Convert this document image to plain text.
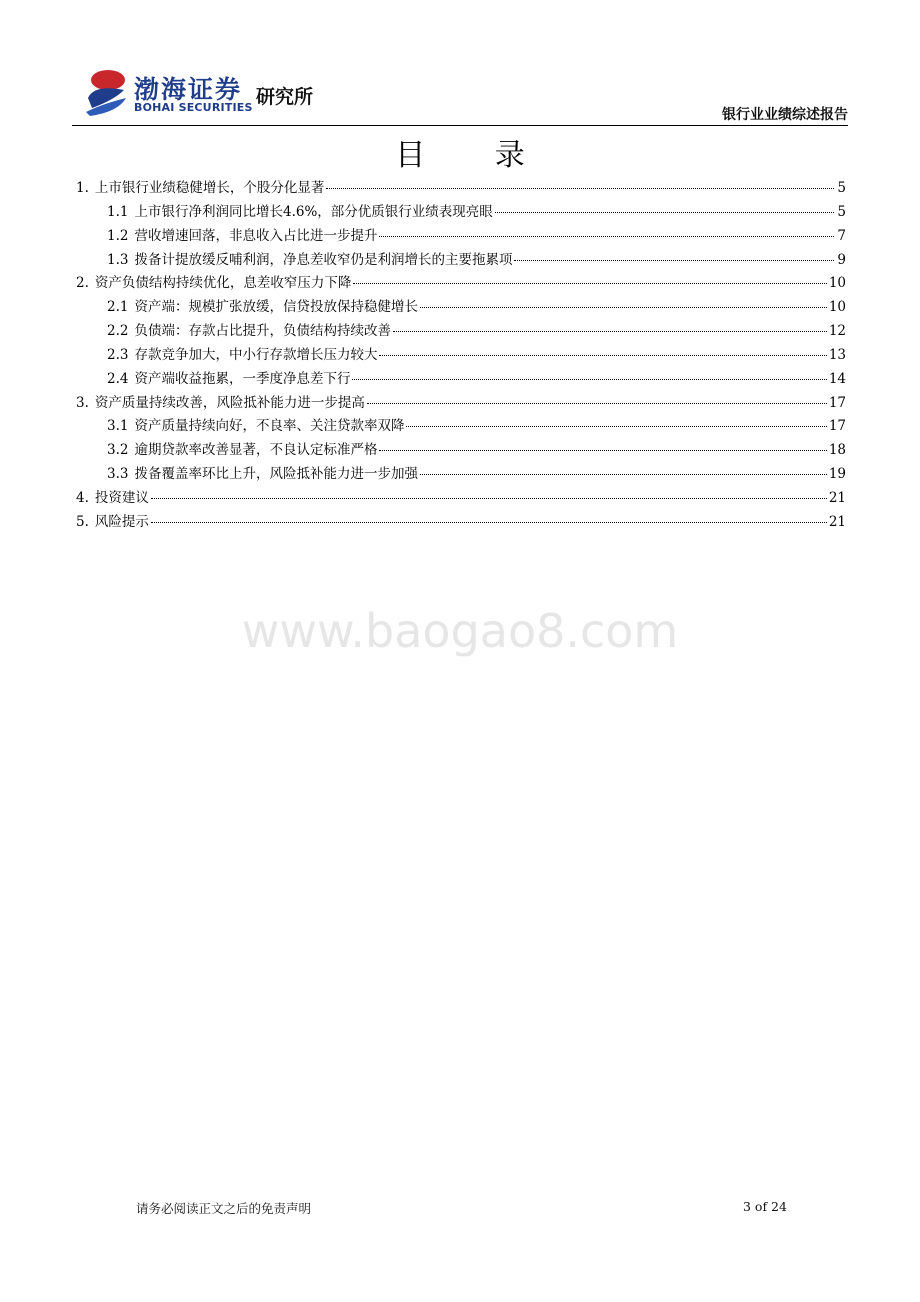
渤海证券
BOHAI SECURITIES 研究所
银行业业绩综述报告
目 录
1. 上市银行业绩稳健增长，个股分化显著	5
1.1 上市银行净利润同比增长4.6%，部分优质银行业绩表现亮眼	5
1.2 营收增速回落，非息收入占比进一步提升	7
1.3 拨备计提放缓反哺利润，净息差收窄仍是利润增长的主要拖累项	9
2. 资产负债结构持续优化，息差收窄压力下降	10
2.1 资产端：规模扩张放缓，信贷投放保持稳健增长	10
2.2 负债端：存款占比提升，负债结构持续改善	12
2.3 存款竞争加大，中小行存款增长压力较大	13
2.4 资产端收益拖累，一季度净息差下行	14
3. 资产质量持续改善，风险抵补能力进一步提高	17
3.1 资产质量持续向好，不良率、关注贷款率双降	17
3.2 逾期贷款率改善显著，不良认定标准严格	18
3.3 拨备覆盖率环比上升，风险抵补能力进一步加强	19
4. 投资建议	21
5. 风险提示	21
www.baogao8.com
请务必阅读正文之后的免责声明	3 of 24
